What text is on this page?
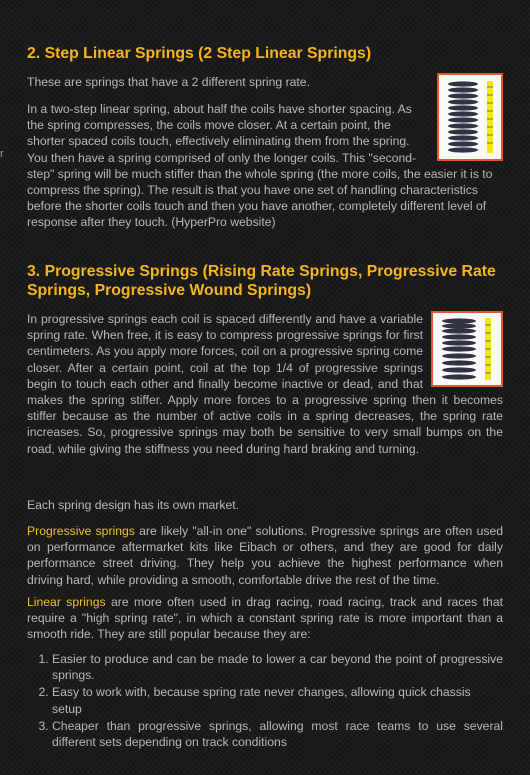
r
2. Step Linear Springs (2 Step Linear Springs)

These are springs that have a 2 different spring rate.

In a two-step linear spring, about half the coils have shorter spacing. As the spring compresses, the coils move closer. At a certain point, the shorter spaced coils touch, effectively eliminating them from the spring. You then have a spring comprised of only the longer coils. This "second-step" spring will be much stiffer than the whole spring (the more coils, the easier it is to compress the spring). The result is that you have one set of handling characteristics before the shorter coils touch and then you have another, completely different level of response after they touch. (HyperPro website)

3. Progressive Springs (Rising Rate Springs, Progressive Rate Springs, Progressive Wound Springs)

In progressive springs each coil is spaced differently and have a variable spring rate. When free, it is easy to compress progressive springs for first centimeters. As you apply more forces, coil on a progressive spring come closer. After a certain point, coil at the top 1/4 of progressive springs begin to touch each other and finally become inactive or dead, and that makes the spring stiffer. Apply more forces to a progressive spring then it becomes stiffer because as the number of active coils in a spring decreases, the spring rate increases. So, progressive springs may both be sensitive to very small bumps on the road, while giving the stiffness you need during hard braking and turning.

Each spring design has its own market.

Progressive springs are likely "all-in one" solutions. Progressive springs are often used on performance aftermarket kits like Eibach or others, and they are good for daily performance street driving. They help you achieve the highest performance when driving hard, while providing a smooth, comfortable drive the rest of the time.

Linear springs are more often used in drag racing, road racing, track and races that require a "high spring rate", in which a constant spring rate is more important than a smooth ride. They are still popular because they are:

1. Easier to produce and can be made to lower a car beyond the point of progressive springs.
2. Easy to work with, because spring rate never changes, allowing quick chassis setup
3. Cheaper than progressive springs, allowing most race teams to use several different sets depending on track conditions
